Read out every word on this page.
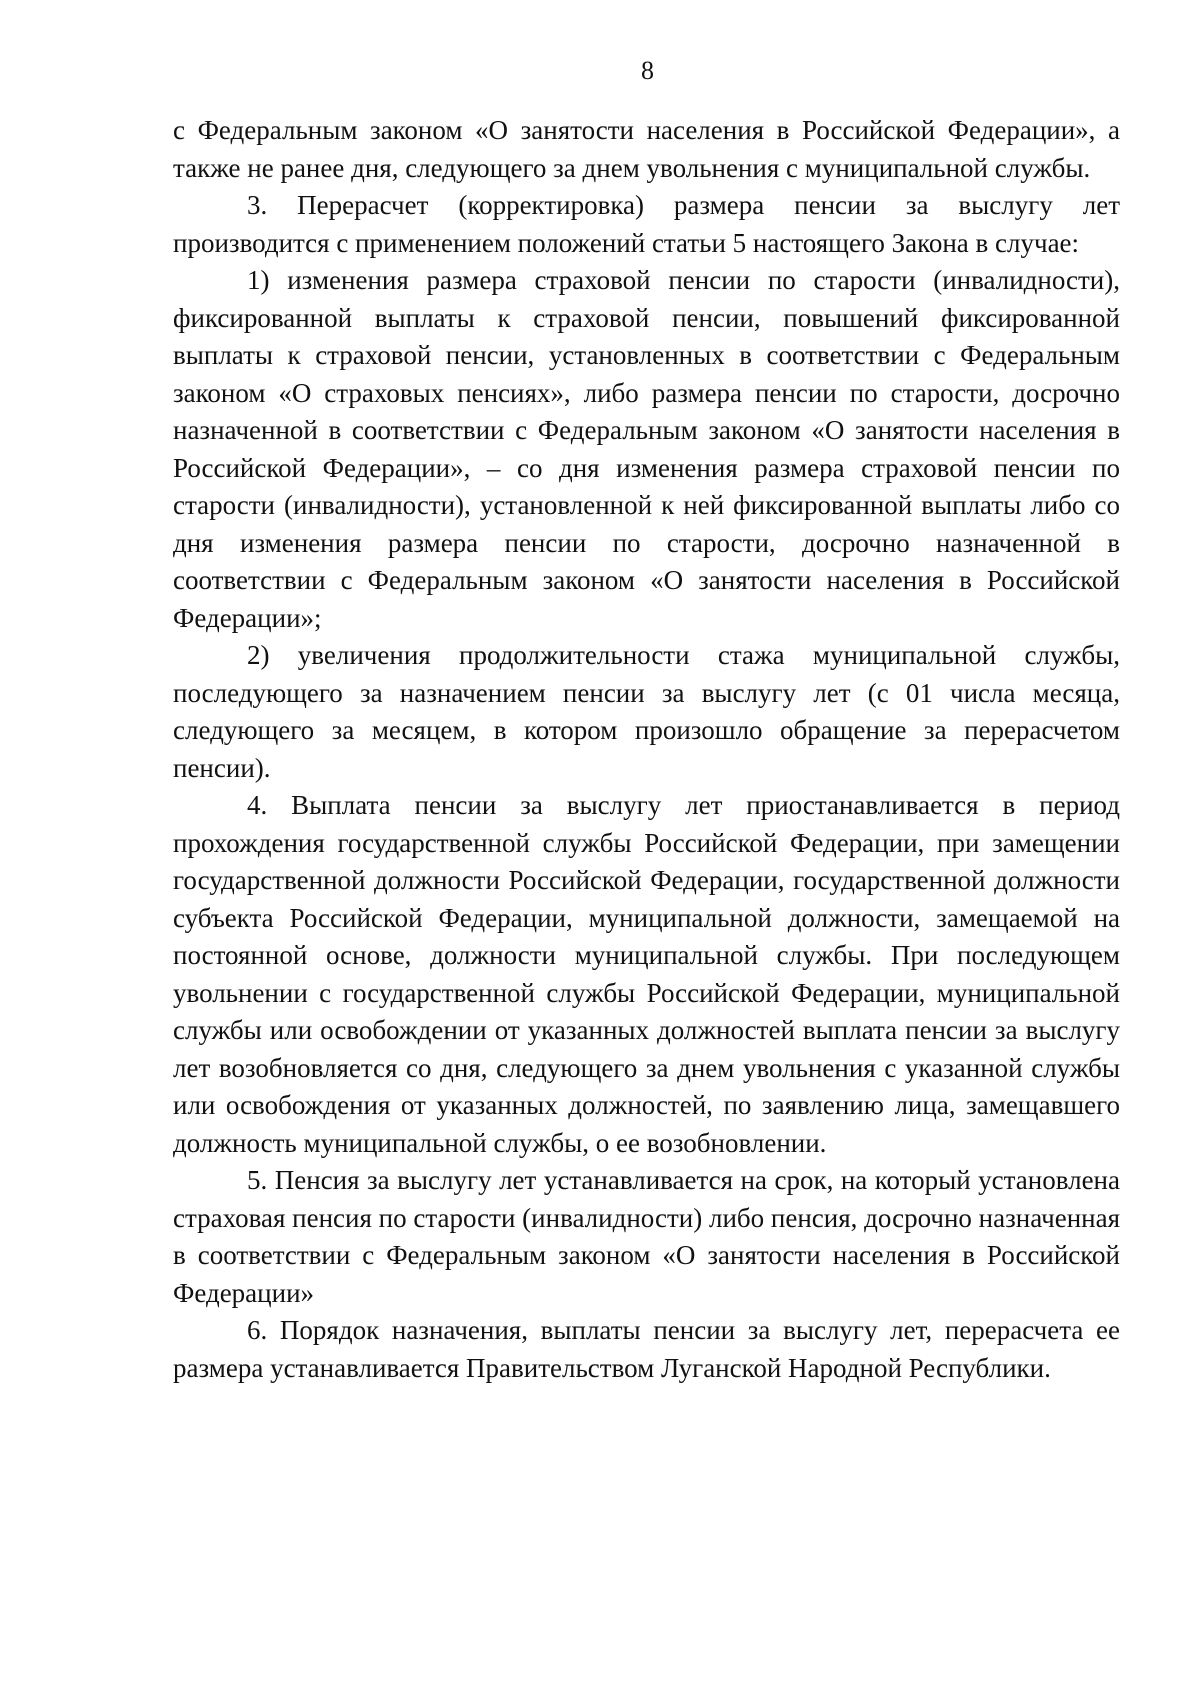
8

с Федеральным законом «О занятости населения в Российской Федерации», а также не ранее дня, следующего за днем увольнения с муниципальной службы.

3. Перерасчет (корректировка) размера пенсии за выслугу лет производится с применением положений статьи 5 настоящего Закона в случае:

1) изменения размера страховой пенсии по старости (инвалидности), фиксированной выплаты к страховой пенсии, повышений фиксированной выплаты к страховой пенсии, установленных в соответствии с Федеральным законом «О страховых пенсиях», либо размера пенсии по старости, досрочно назначенной в соответствии с Федеральным законом «О занятости населения в Российской Федерации», – со дня изменения размера страховой пенсии по старости (инвалидности), установленной к ней фиксированной выплаты либо со дня изменения размера пенсии по старости, досрочно назначенной в соответствии с Федеральным законом «О занятости населения в Российской Федерации»;

2) увеличения продолжительности стажа муниципальной службы, последующего за назначением пенсии за выслугу лет (с 01 числа месяца, следующего за месяцем, в котором произошло обращение за перерасчетом пенсии).

4. Выплата пенсии за выслугу лет приостанавливается в период прохождения государственной службы Российской Федерации, при замещении государственной должности Российской Федерации, государственной должности субъекта Российской Федерации, муниципальной должности, замещаемой на постоянной основе, должности муниципальной службы. При последующем увольнении с государственной службы Российской Федерации, муниципальной службы или освобождении от указанных должностей выплата пенсии за выслугу лет возобновляется со дня, следующего за днем увольнения с указанной службы или освобождения от указанных должностей, по заявлению лица, замещавшего должность муниципальной службы, о ее возобновлении.

5. Пенсия за выслугу лет устанавливается на срок, на который установлена страховая пенсия по старости (инвалидности) либо пенсия, досрочно назначенная в соответствии с Федеральным законом «О занятости населения в Российской Федерации»

6. Порядок назначения, выплаты пенсии за выслугу лет, перерасчета ее размера устанавливается Правительством Луганской Народной Республики.
